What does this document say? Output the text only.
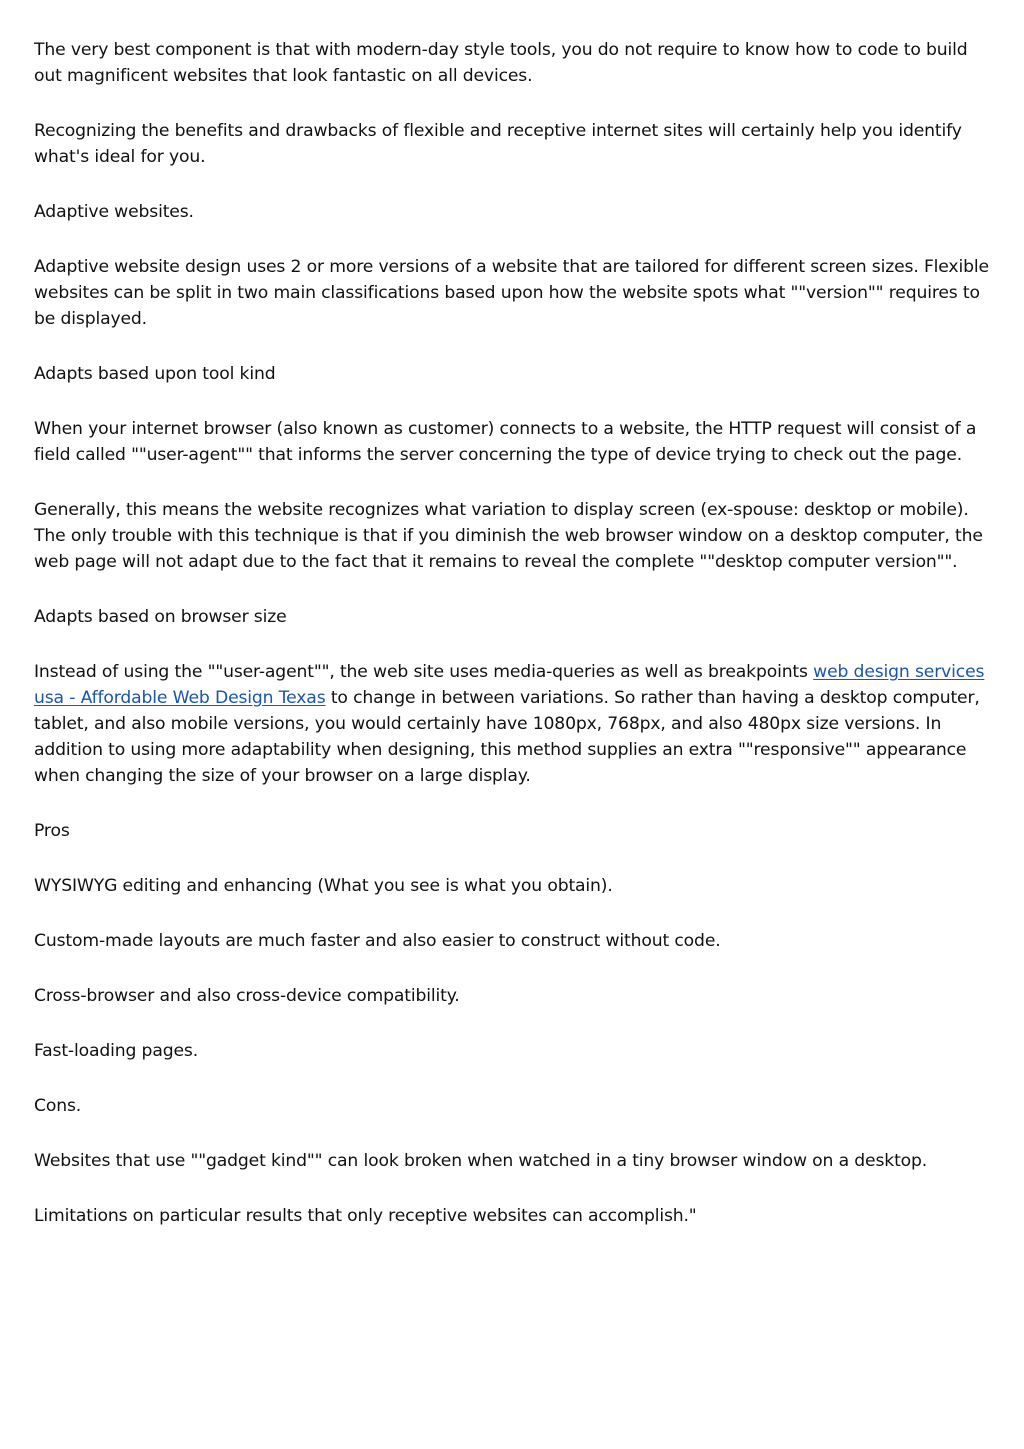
The very best component is that with modern-day style tools, you do not require to know how to code to build out magnificent websites that look fantastic on all devices.

Recognizing the benefits and drawbacks of flexible and receptive internet sites will certainly help you identify what's ideal for you.

Adaptive websites.

Adaptive website design uses 2 or more versions of a website that are tailored for different screen sizes. Flexible websites can be split in two main classifications based upon how the website spots what ""version"" requires to be displayed.

Adapts based upon tool kind

When your internet browser (also known as customer) connects to a website, the HTTP request will consist of a field called ""user-agent"" that informs the server concerning the type of device trying to check out the page.

Generally, this means the website recognizes what variation to display screen (ex-spouse: desktop or mobile). The only trouble with this technique is that if you diminish the web browser window on a desktop computer, the web page will not adapt due to the fact that it remains to reveal the complete ""desktop computer version"".

Adapts based on browser size

Instead of using the ""user-agent"", the web site uses media-queries as well as breakpoints web design services usa - Affordable Web Design Texas to change in between variations. So rather than having a desktop computer, tablet, and also mobile versions, you would certainly have 1080px, 768px, and also 480px size versions. In addition to using more adaptability when designing, this method supplies an extra ""responsive"" appearance when changing the size of your browser on a large display.

Pros

WYSIWYG editing and enhancing (What you see is what you obtain).

Custom-made layouts are much faster and also easier to construct without code.

Cross-browser and also cross-device compatibility.

Fast-loading pages.

Cons.

Websites that use ""gadget kind"" can look broken when watched in a tiny browser window on a desktop.

Limitations on particular results that only receptive websites can accomplish."
